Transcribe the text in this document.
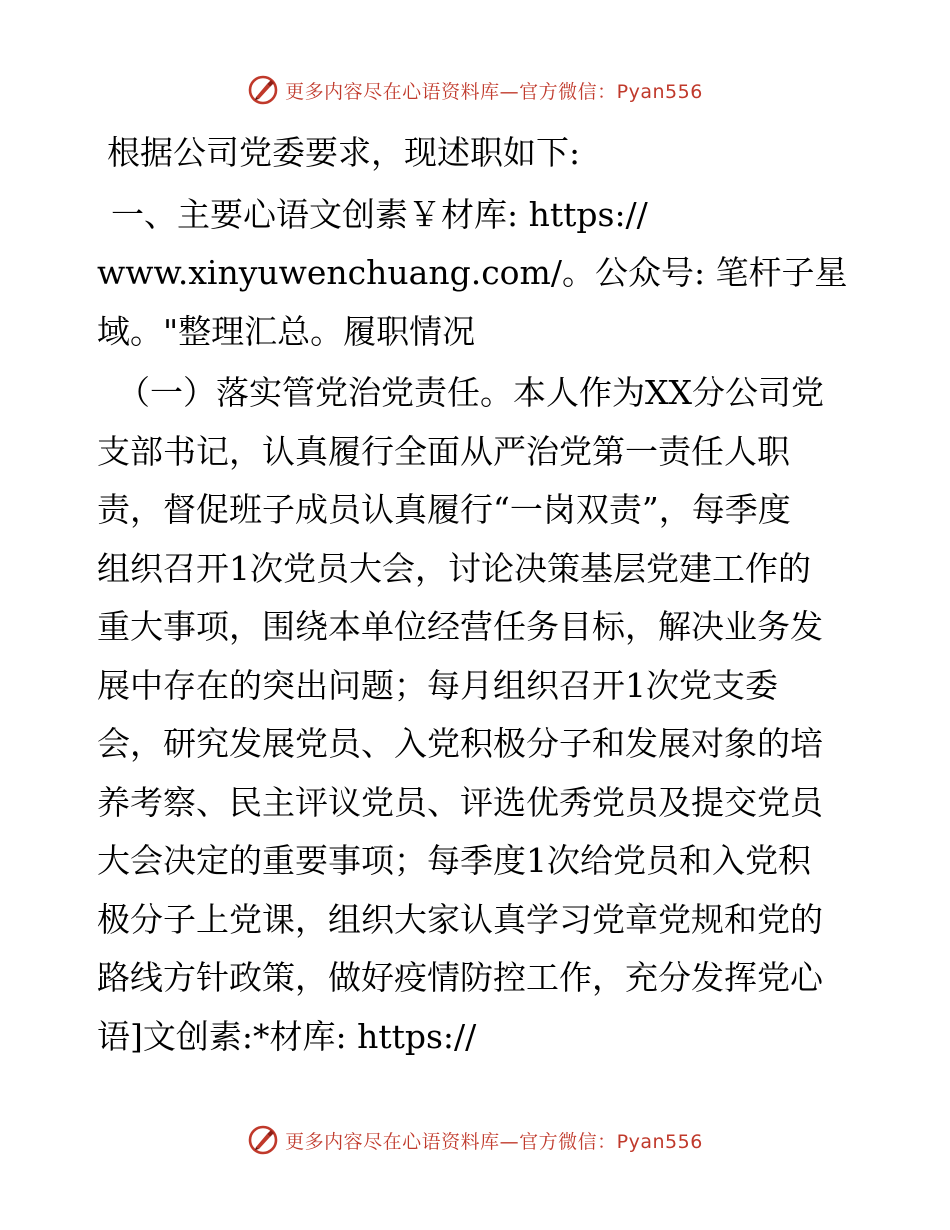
更多内容尽在心语资料库—官方微信：Pyan556

根据公司党委要求，现述职如下:

一、主要心语文创素￥材库: https://
www.xinyuwenchuang.com/。公众号: 笔杆子星
域。"整理汇总。履职情况

（一）落实管党治党责任。本人作为XX分公司党
支部书记，认真履行全面从严治党第一责任人职
责，督促班子成员认真履行“一岗双责”，每季度
组织召开1次党员大会，讨论决策基层党建工作的
重大事项，围绕本单位经营任务目标，解决业务发
展中存在的突出问题；每月组织召开1次党支委
会，研究发展党员、入党积极分子和发展对象的培
养考察、民主评议党员、评选优秀党员及提交党员
大会决定的重要事项；每季度1次给党员和入党积
极分子上党课，组织大家认真学习党章党规和党的
路线方针政策，做好疫情防控工作，充分发挥党心
语]文创素:*材库: https://

更多内容尽在心语资料库—官方微信：Pyan556
